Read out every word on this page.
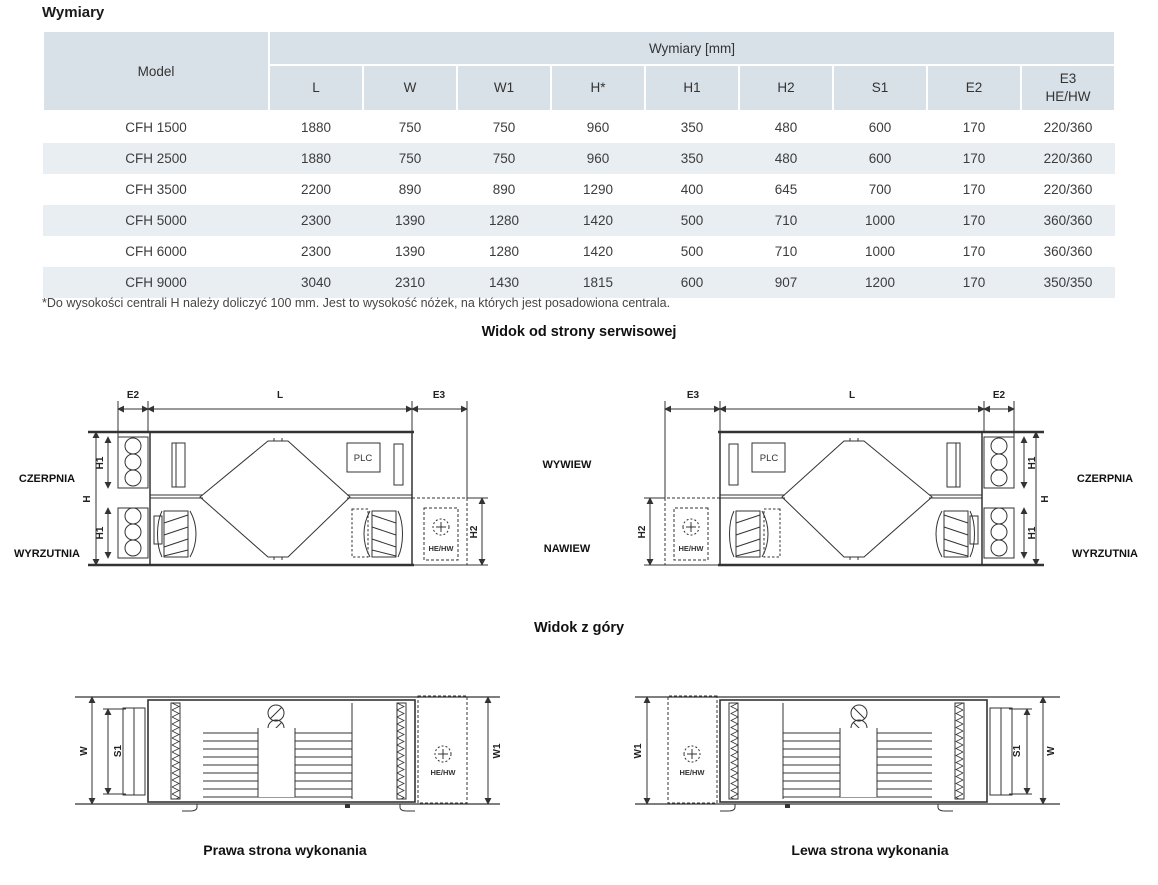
Wymiary
Model	Wymiary [mm]								
	L	W	W1	H*	H1	H2	S1	E2	E3
HE/HW
CFH 1500	1880	750	750	960	350	480	600	170	220/360
CFH 2500	1880	750	750	960	350	480	600	170	220/360
CFH 3500	2200	890	890	1290	400	645	700	170	220/360
CFH 5000	2300	1390	1280	1420	500	710	1000	170	360/360
CFH 6000	2300	1390	1280	1420	500	710	1000	170	360/360
CFH 9000	3040	2310	1430	1815	600	907	1200	170	350/350
*Do wysokości centrali H należy doliczyć 100 mm. Jest to wysokość nóżek, na których jest posadowiona centrala.
Widok od strony serwisowej
E2	L	E3
H
H1
H1	H2
PLC
HE/HW
CZERPNIA
WYRZUTNIA
WYWIEW
NAWIEW
E2
L
E3
H
H1
H1
H2
PLC
HE/HW
CZERPNIA
WYRZUTNIA
Widok z góry
W S1	W1
HE/HW
W1	S1 W
HE/HW
Prawa strona wykonania	Lewa strona wykonania
